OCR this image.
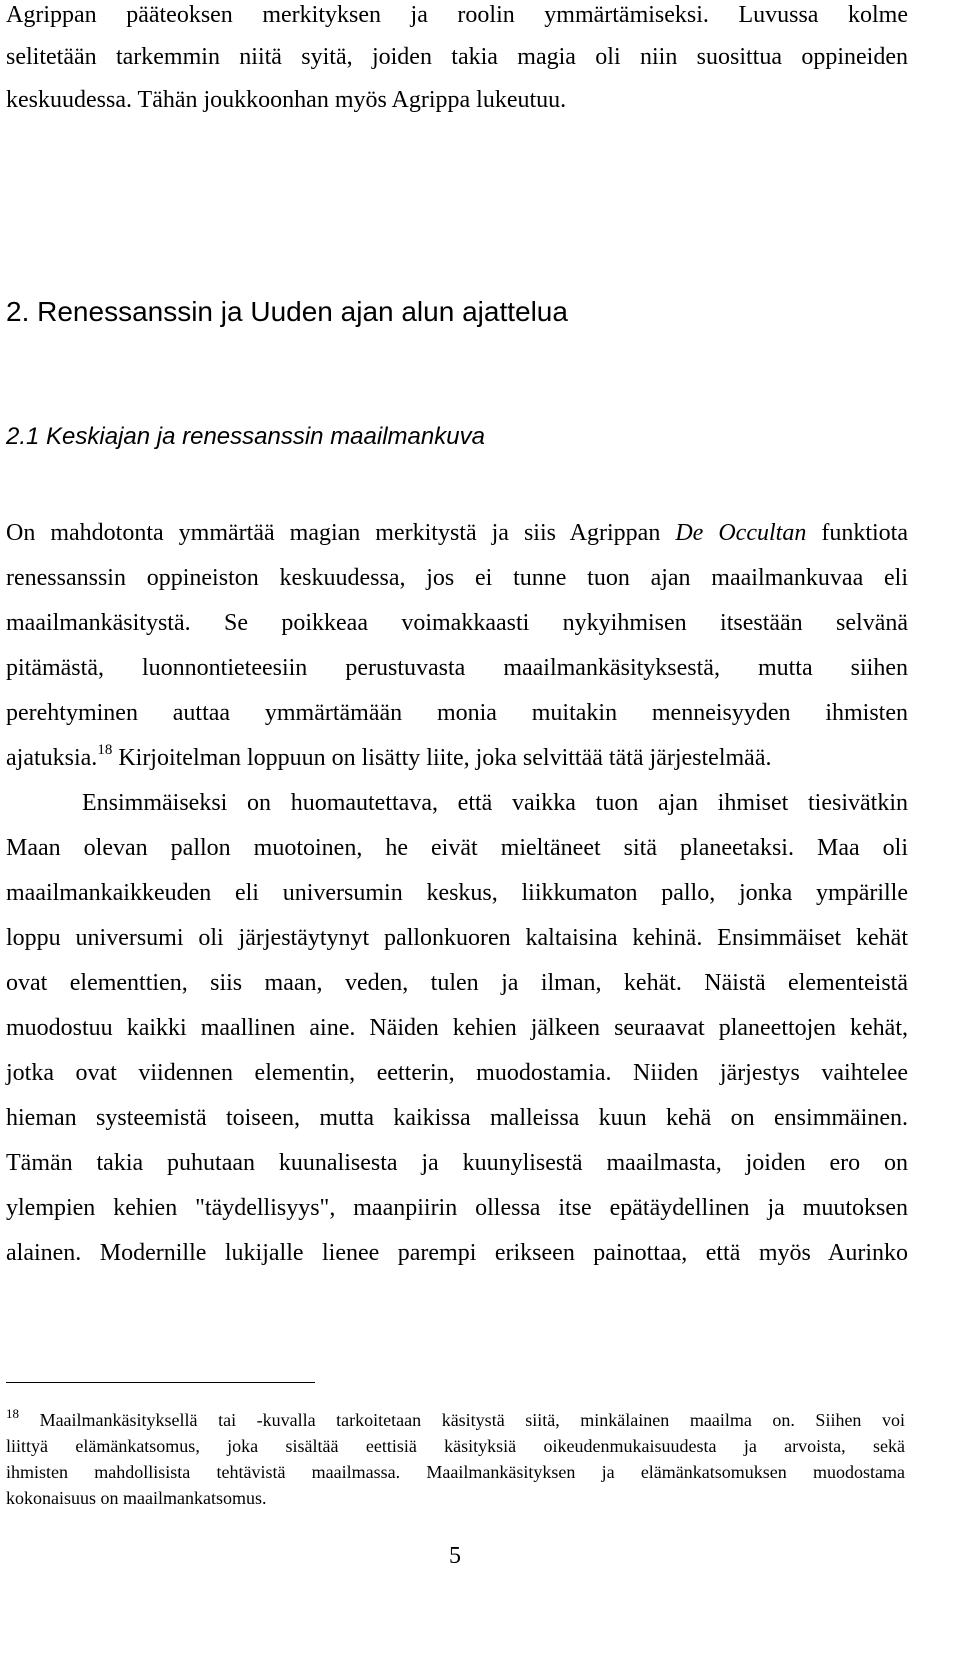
Agrippan pääteoksen merkityksen ja roolin ymmärtämiseksi. Luvussa kolme
selitetään tarkemmin niitä syitä, joiden takia magia oli niin suosittua oppineiden
keskuudessa. Tähän joukkoonhan myös Agrippa lukeutuu.
2. Renessanssin ja Uuden ajan alun ajattelua
2.1 Keskiajan ja renessanssin maailmankuva
On mahdotonta ymmärtää magian merkitystä ja siis Agrippan De Occultan funktiota
renessanssin oppineiston keskuudessa, jos ei tunne tuon ajan maailmankuvaa eli
maailmankäsitystä. Se poikkeaa voimakkaasti nykyihmisen itsestään selvänä
pitämästä, luonnontieteesiin perustuvasta maailmankäsityksestä, mutta siihen
perehtyminen auttaa ymmärtämään monia muitakin menneisyyden ihmisten
ajatuksia.$^{18}$ Kirjoitelman loppuun on lisätty liite, joka selvittää tätä järjestelmää.
Ensimmäiseksi on huomautettava, että vaikka tuon ajan ihmiset tiesivätkin
Maan olevan pallon muotoinen, he eivät mieltäneet sitä planeetaksi. Maa oli
maailmankaikkeuden eli universumin keskus, liikkumaton pallo, jonka ympärille
loppu universumi oli järjestäytynyt pallonkuoren kaltaisina kehinä. Ensimmäiset kehät
ovat elementtien, siis maan, veden, tulen ja ilman, kehät. Näistä elementeistä
muodostuu kaikki maallinen aine. Näiden kehien jälkeen seuraavat planeettojen kehät,
jotka ovat viidennen elementin, eetterin, muodostamia. Niiden järjestys vaihtelee
hieman systeemistä toiseen, mutta kaikissa malleissa kuun kehä on ensimmäinen.
Tämän takia puhutaan kuunalisesta ja kuunylisestä maailmasta, joiden ero on
ylempien kehien "täydellisyys", maanpiirin ollessa itse epätäydellinen ja muutoksen
alainen. Modernille lukijalle lienee parempi erikseen painottaa, että myös Aurinko
$^{18}$ Maailmankäsityksellä tai -kuvalla tarkoitetaan käsitystä siitä, minkälainen maailma on. Siihen voi
liittyä elämänkatsomus, joka sisältää eettisiä käsityksiä oikeudenmukaisuudesta ja arvoista, sekä
ihmisten mahdollisista tehtävistä maailmassa. Maailmankäsityksen ja elämänkatsomuksen muodostama
kokonaisuus on maailmankatsomus.
5
